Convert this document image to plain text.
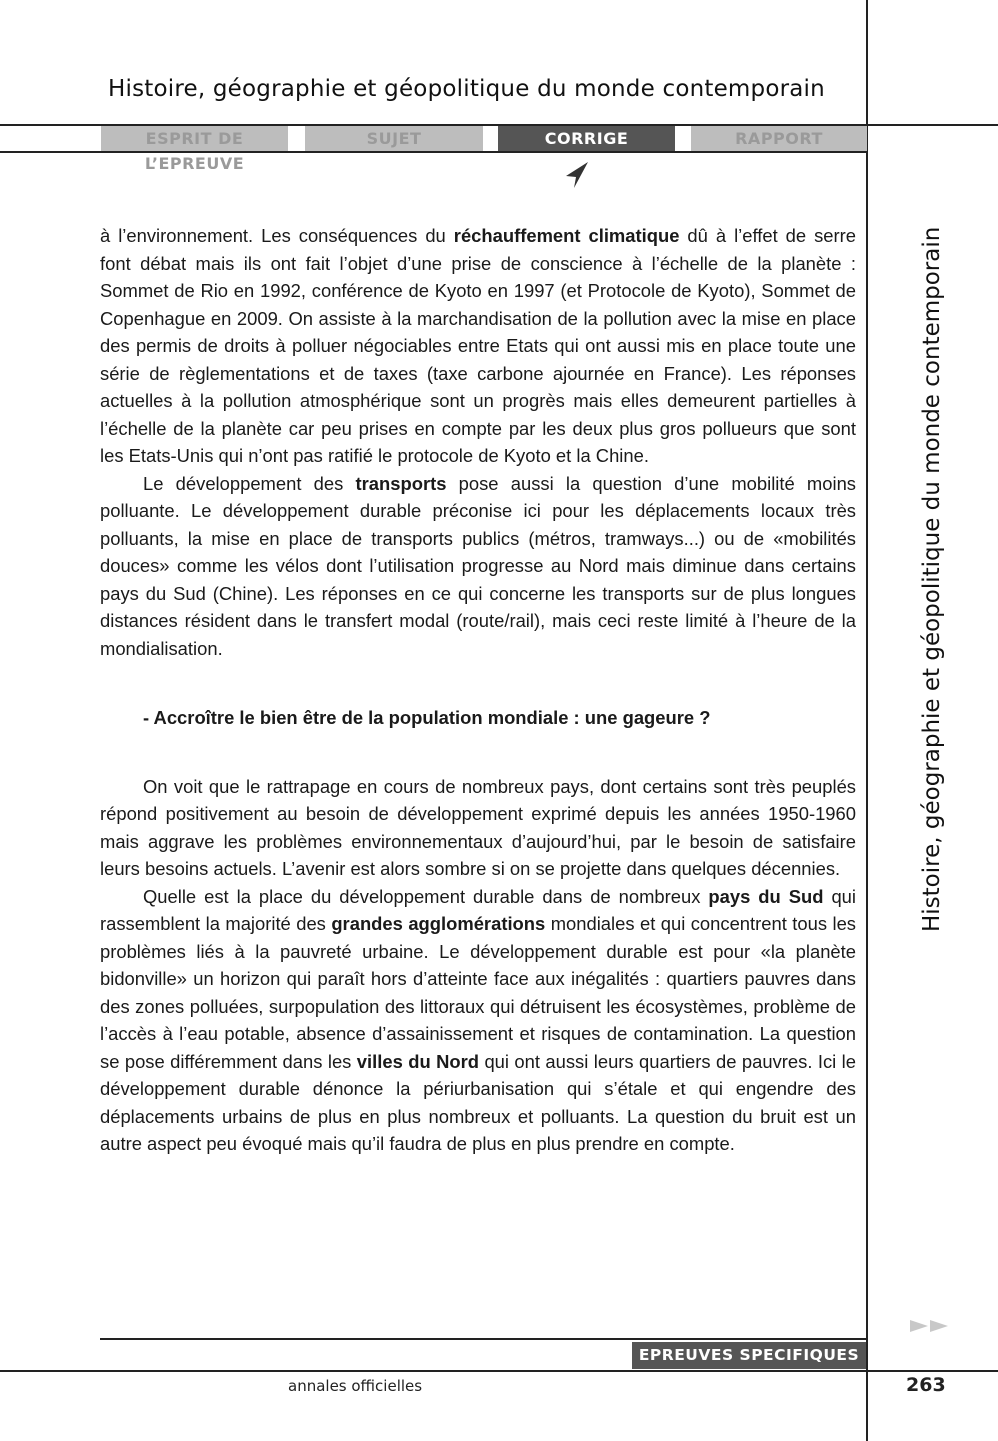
Histoire, géographie et géopolitique du monde contemporain
ESPRIT DE L’EPREUVE
SUJET	CORRIGE	RAPPORT
Histoire, géographie et géopolitique du monde contemporain

à l’environnement. Les conséquences du réchauffement climatique dû à l’effet de serre font débat mais ils ont fait l’objet d’une prise de conscience à l’échelle de la planète : Sommet de Rio en 1992, conférence de Kyoto en 1997 (et Protocole de Kyoto), Sommet de Copenhague en 2009. On assiste à la marchandisation de la pollution avec la mise en place des permis de droits à polluer négociables entre Etats qui ont aussi mis en place toute une série de règlementations et de taxes (taxe carbone ajournée en France). Les réponses actuelles à la pollution atmosphérique sont un progrès mais elles demeurent partielles à l’échelle de la planète car peu prises en compte par les deux plus gros pollueurs que sont les Etats-Unis qui n’ont pas ratifié le protocole de Kyoto et la Chine.

Le développement des transports pose aussi la question d’une mobilité moins polluante. Le développement durable préconise ici pour les déplacements locaux très polluants, la mise en place de transports publics (métros, tramways...) ou de «mobilités douces» comme les vélos dont l’utilisation progresse au Nord mais diminue dans certains pays du Sud (Chine). Les réponses en ce qui concerne les transports sur de plus longues distances résident dans le transfert modal (route/rail), mais ceci reste limité à l’heure de la mondialisation.

- Accroître le bien être de la population mondiale : une gageure ?

On voit que le rattrapage en cours de nombreux pays, dont certains sont très peuplés répond positivement au besoin de développement exprimé depuis les années 1950-1960 mais aggrave les problèmes environnementaux d’aujourd’hui, par le besoin de satisfaire leurs besoins actuels. L’avenir est alors sombre si on se projette dans quelques décennies.

Quelle est la place du développement durable dans de nombreux pays du Sud qui rassemblent la majorité des grandes agglomérations mondiales et qui concentrent tous les problèmes liés à la pauvreté urbaine. Le développement durable est pour «la planète bidonville» un horizon qui paraît hors d’atteinte face aux inégalités : quartiers pauvres dans des zones polluées, surpopulation des littoraux qui détruisent les écosystèmes, problème de l’accès à l’eau potable, absence d’assainissement et risques de contamination. La question se pose différemment dans les villes du Nord qui ont aussi leurs quartiers de pauvres. Ici le développement durable dénonce la périurbanisation qui s’étale et qui engendre des déplacements urbains de plus en plus nombreux et polluants. La question du bruit est un autre aspect peu évoqué mais qu’il faudra de plus en plus prendre en compte.

EPREUVES SPECIFIQUES
annales officielles	263
